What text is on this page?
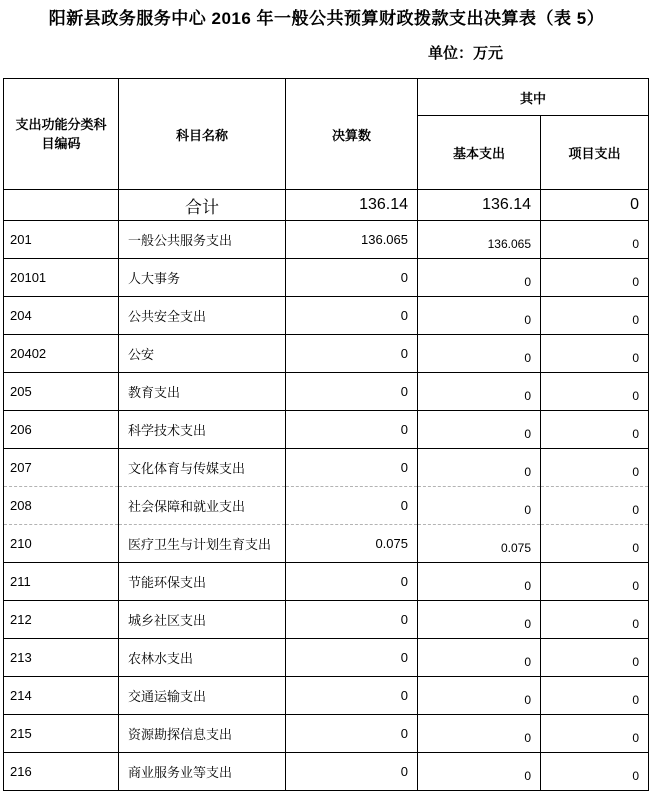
阳新县政务服务中心 2016 年一般公共预算财政拨款支出决算表（表 5）
单位：万元
支出功能分类科目编码	科目名称	决算数	其中	
			基本支出	项目支出
	合计	136.14	136.14	0
201	一般公共服务支出	136.065	136.065	0
20101	人大事务	0	0	0
204	公共安全支出	0	0	0
20402	公安	0	0	0
205	教育支出	0	0	0
206	科学技术支出	0	0	0
207	文化体育与传媒支出	0	0	0
208	社会保障和就业支出	0	0	0
210	医疗卫生与计划生育支出	0.075	0.075	0
211	节能环保支出	0	0	0
212	城乡社区支出	0	0	0
213	农林水支出	0	0	0
214	交通运输支出	0	0	0
215	资源勘探信息支出	0	0	0
216	商业服务业等支出	0	0	0
